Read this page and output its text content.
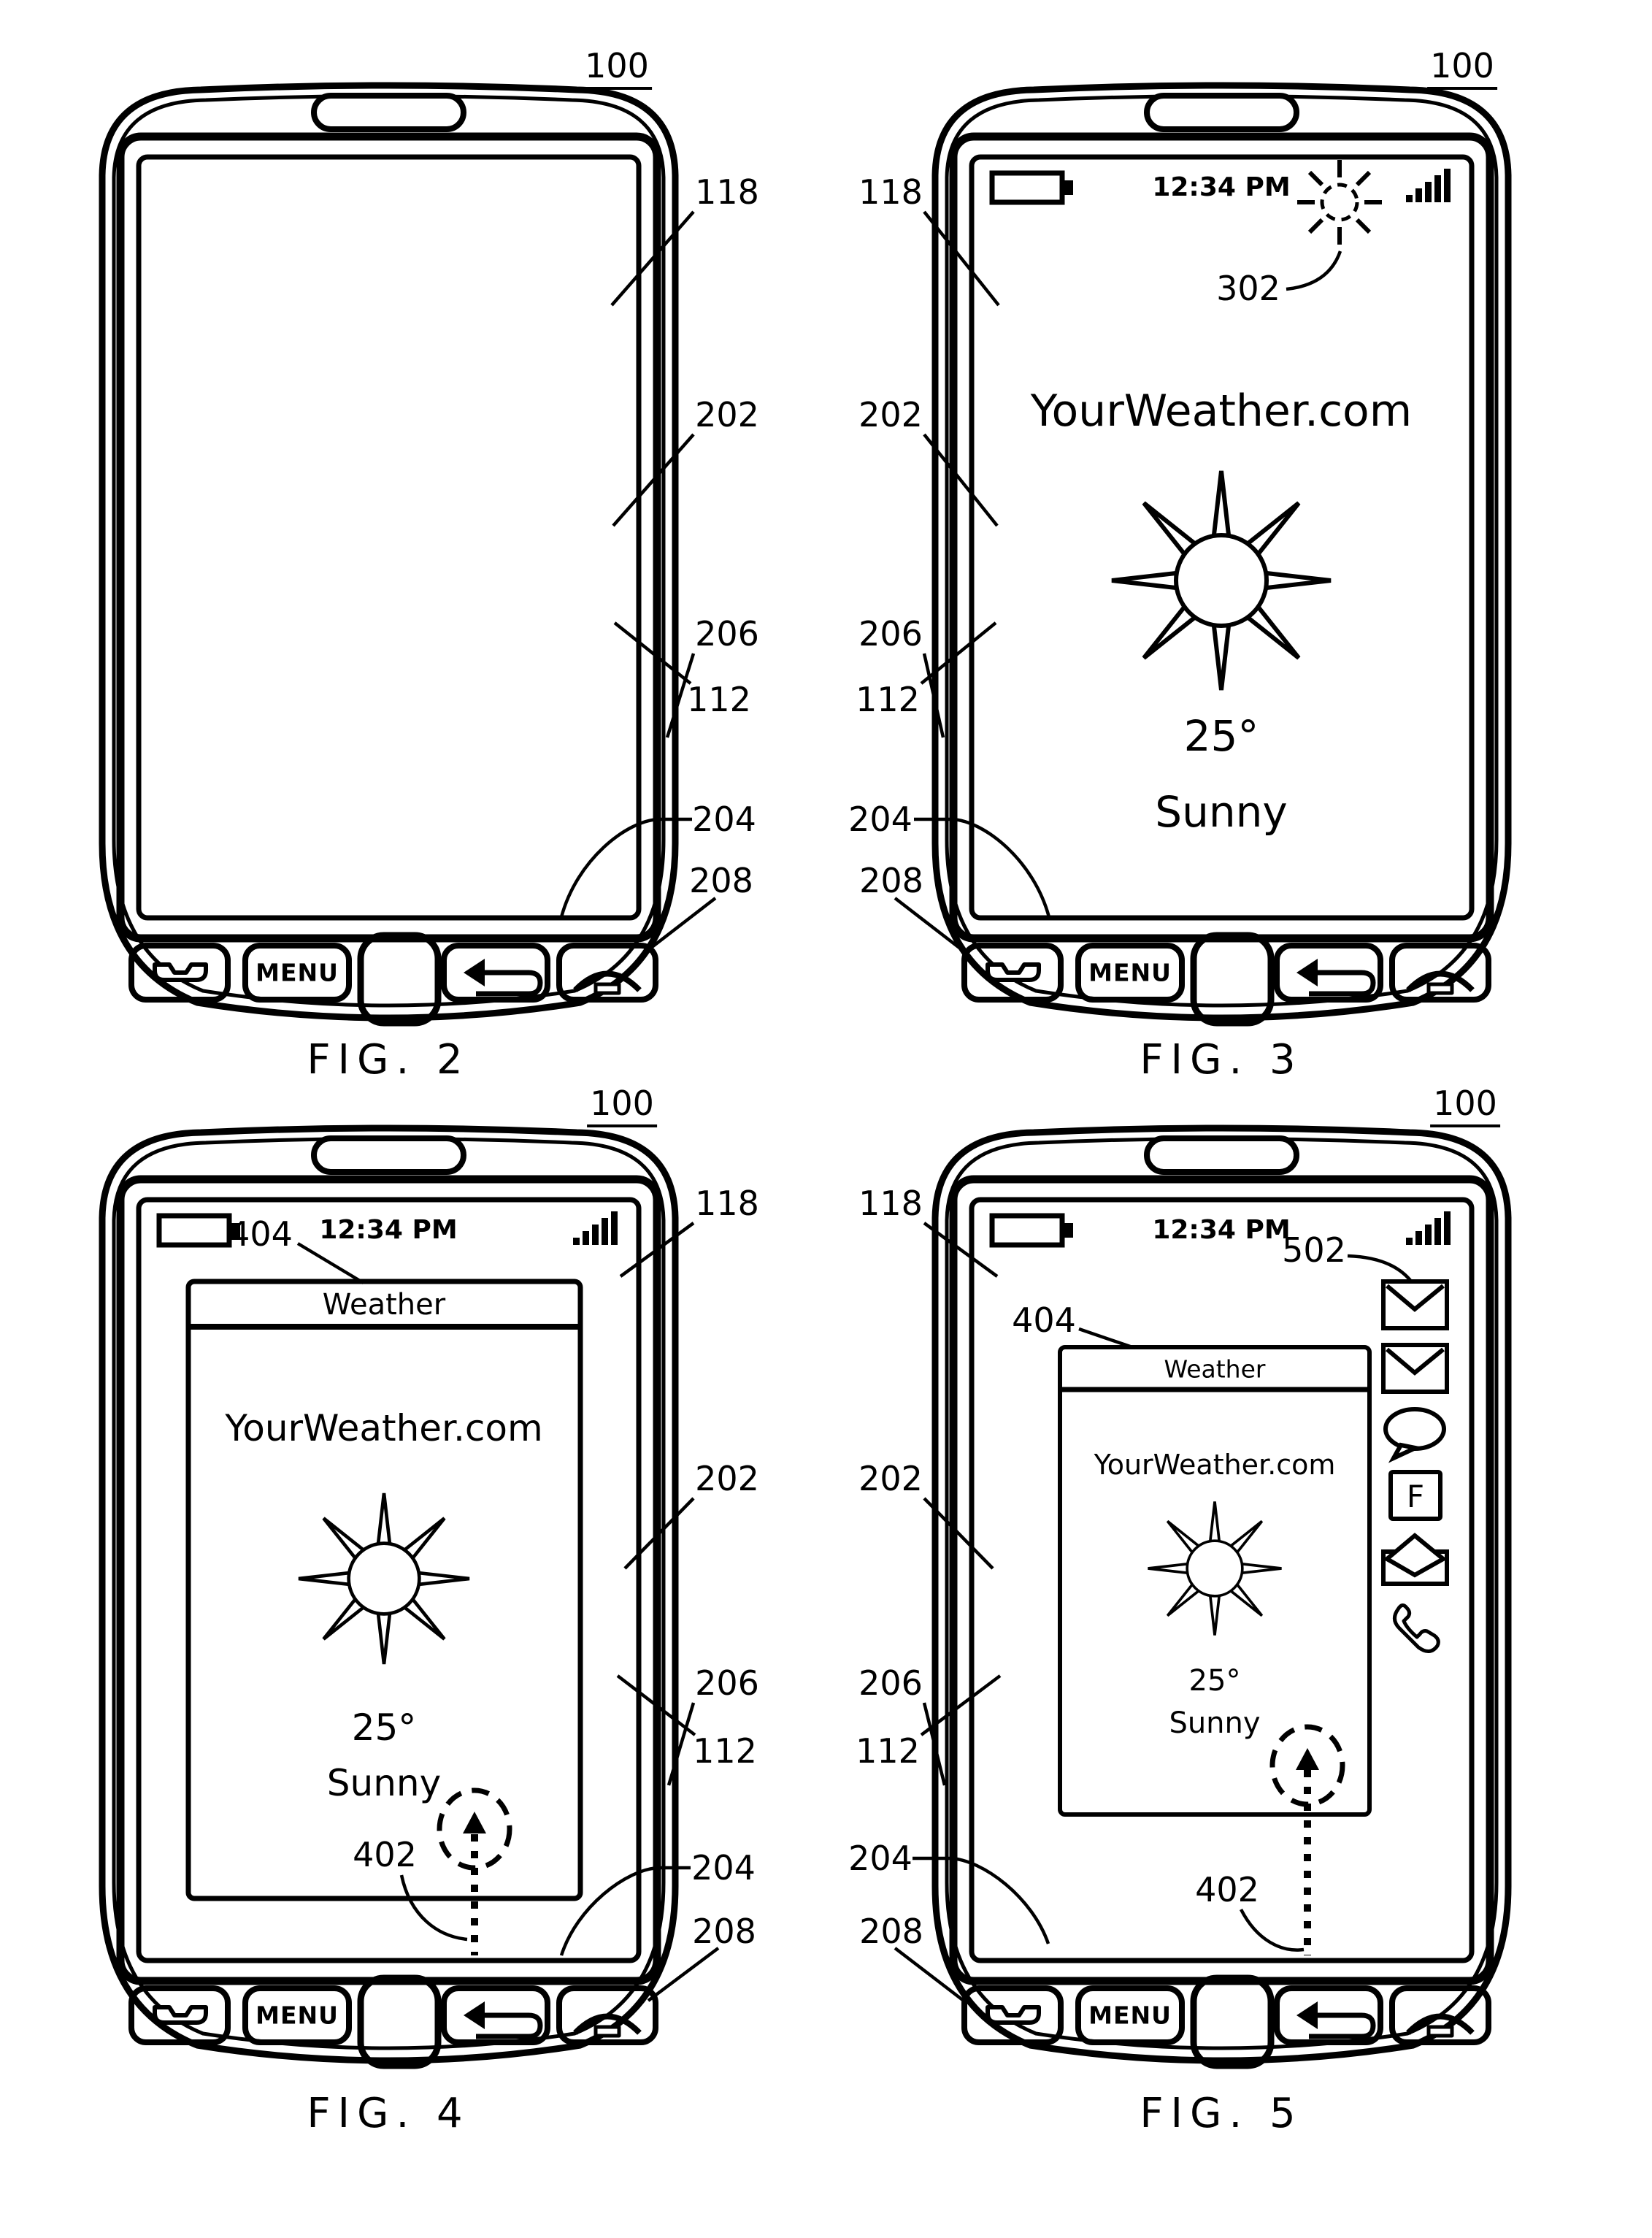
100
118
202
206
112
204
208
MENU
FIG. 2
100
118
202
206
112
204
208
302
12:34 PM
YourWeather.com
25°
Sunny
MENU
FIG. 3
100
118
202
206
112
204
208
404
402
12:34 PM
Weather
YourWeather.com
25°
Sunny
MENU
FIG. 4
100
118
202
206
112
204
208
404
502
402
12:34 PM
Weather
YourWeather.com
25°
Sunny
F
MENU
FIG. 5
